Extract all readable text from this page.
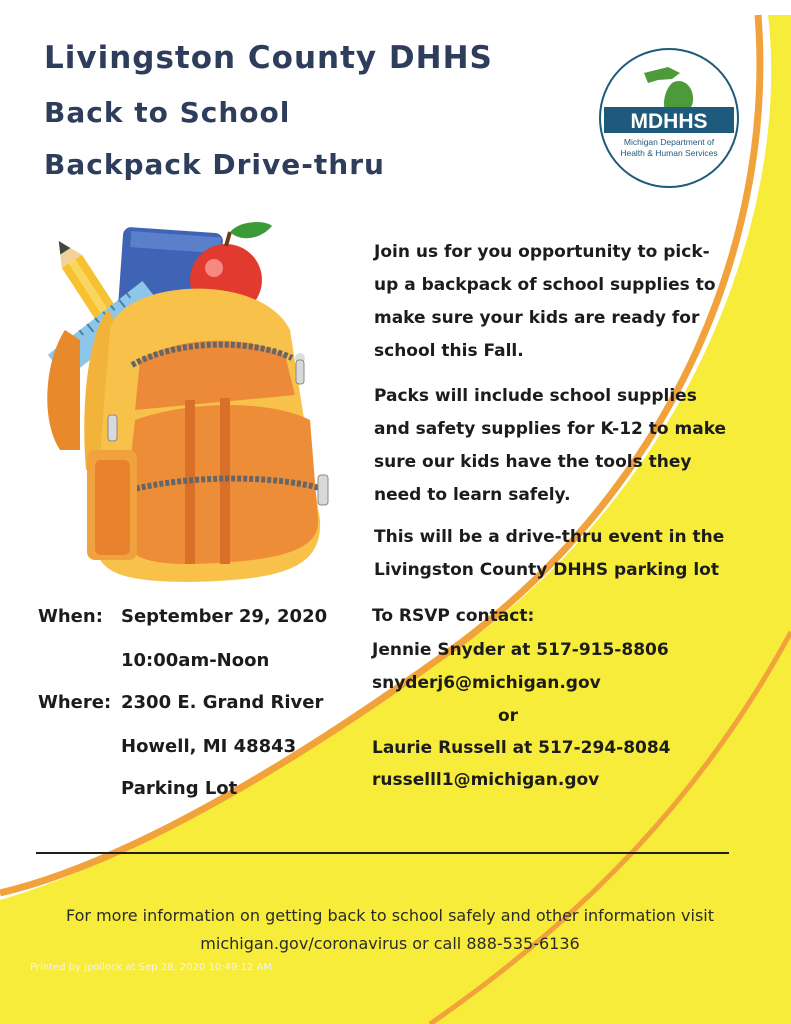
Livingston County DHHS
Back to School
Backpack Drive-thru
MDHHS
Michigan Department of
Health & Human Services
Join us for you opportunity to pick-
up a backpack of school supplies to
make sure your kids are ready for
school this Fall.
Packs will include school supplies
and safety supplies for K-12 to make
sure our kids have the tools they
need to learn safely.
This will be a drive-thru event in the
Livingston County DHHS parking lot
When: September 29, 2020
10:00am-Noon
Where: 2300 E. Grand River
Howell, MI 48843
Parking Lot
To RSVP contact:
Jennie Snyder at 517-915-8806
snyderj6@michigan.gov
or
Laurie Russell at 517-294-8084
russelll1@michigan.gov
For more information on getting back to school safely and other information visit
michigan.gov/coronavirus or call 888-535-6136
Printed by jpollock at Sep 28, 2020 10:49:12 AM
